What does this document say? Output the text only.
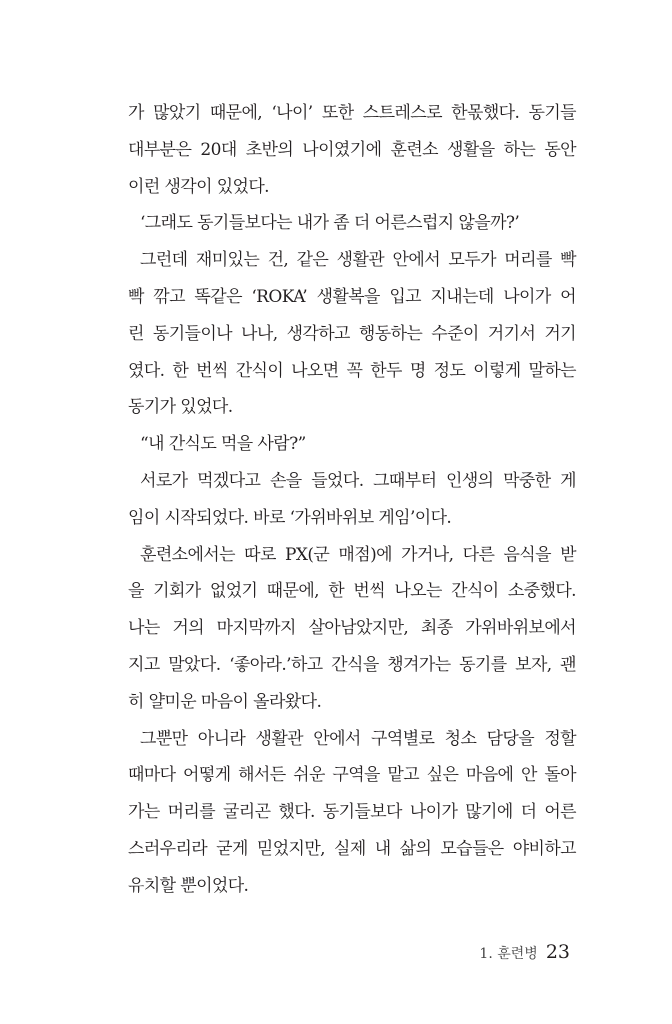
가 많았기 때문에, ‘나이’ 또한 스트레스로 한몫했다. 동기들
대부분은 20대 초반의 나이였기에 훈련소 생활을 하는 동안
이런 생각이 있었다.
‘그래도 동기들보다는 내가 좀 더 어른스럽지 않을까?’
그런데 재미있는 건, 같은 생활관 안에서 모두가 머리를 빡
빡 깎고 똑같은 ‘ROKA’ 생활복을 입고 지내는데 나이가 어
린 동기들이나 나나, 생각하고 행동하는 수준이 거기서 거기
였다. 한 번씩 간식이 나오면 꼭 한두 명 정도 이렇게 말하는
동기가 있었다.
“내 간식도 먹을 사람?”
서로가 먹겠다고 손을 들었다. 그때부터 인생의 막중한 게
임이 시작되었다. 바로 ‘가위바위보 게임’이다.
훈련소에서는 따로 PX(군 매점)에 가거나, 다른 음식을 받
을 기회가 없었기 때문에, 한 번씩 나오는 간식이 소중했다.
나는 거의 마지막까지 살아남았지만, 최종 가위바위보에서
지고 말았다. ‘좋아라.’하고 간식을 챙겨가는 동기를 보자, 괜
히 얄미운 마음이 올라왔다.
그뿐만 아니라 생활관 안에서 구역별로 청소 담당을 정할
때마다 어떻게 해서든 쉬운 구역을 맡고 싶은 마음에 안 돌아
가는 머리를 굴리곤 했다. 동기들보다 나이가 많기에 더 어른
스러우리라 굳게 믿었지만, 실제 내 삶의 모습들은 야비하고
유치할 뿐이었다.
1. 훈련병 23
